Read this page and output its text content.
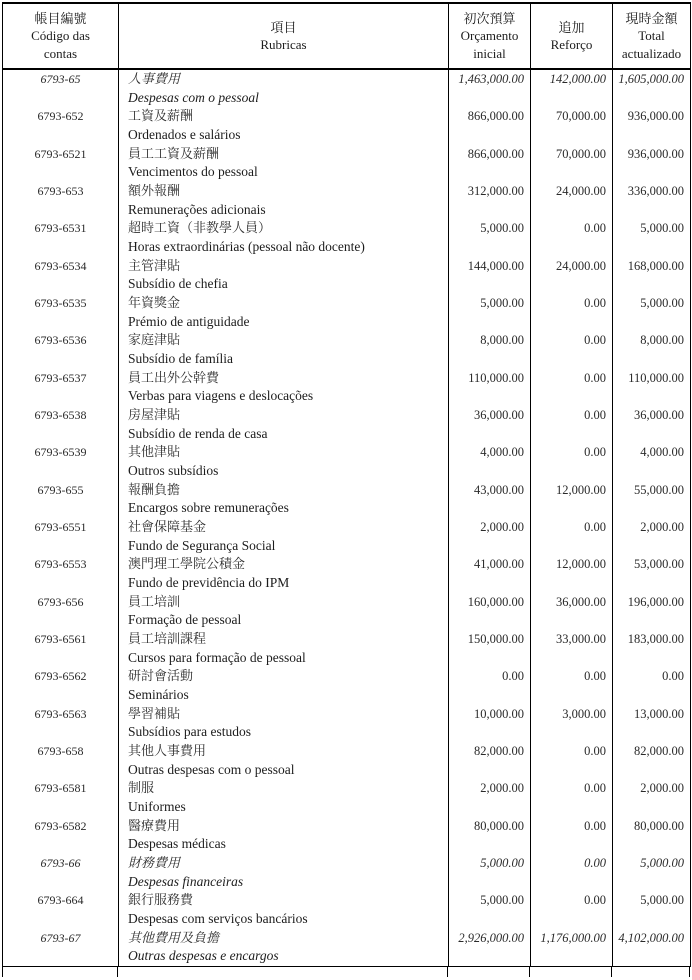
帳目編號
Código das contas

項目
Rubricas

初次預算
Orçamento inicial

追加
Reforço

現時金額
Total actualizado

6793-65	人事費用
Despesas com o pessoal	1,463,000.00	142,000.00	1,605,000.00
6793-652	工資及薪酬
Ordenados e salários	866,000.00	70,000.00	936,000.00
6793-6521	員工工資及薪酬
Vencimentos do pessoal	866,000.00	70,000.00	936,000.00
6793-653	額外報酬
Remunerações adicionais	312,000.00	24,000.00	336,000.00
6793-6531	超時工資（非教學人員）
Horas extraordinárias (pessoal não docente)	5,000.00	0.00	5,000.00
6793-6534	主管津貼
Subsídio de chefia	144,000.00	24,000.00	168,000.00
6793-6535	年資獎金
Prémio de antiguidade	5,000.00	0.00	5,000.00
6793-6536	家庭津貼
Subsídio de família	8,000.00	0.00	8,000.00
6793-6537	員工出外公幹費
Verbas para viagens e deslocações	110,000.00	0.00	110,000.00
6793-6538	房屋津貼
Subsídio de renda de casa	36,000.00	0.00	36,000.00
6793-6539	其他津貼
Outros subsídios	4,000.00	0.00	4,000.00
6793-655	報酬負擔
Encargos sobre remunerações	43,000.00	12,000.00	55,000.00
6793-6551	社會保障基金
Fundo de Segurança Social	2,000.00	0.00	2,000.00
6793-6553	澳門理工學院公積金
Fundo de previdência do IPM	41,000.00	12,000.00	53,000.00
6793-656	員工培訓
Formação de pessoal	160,000.00	36,000.00	196,000.00
6793-6561	員工培訓課程
Cursos para formação de pessoal	150,000.00	33,000.00	183,000.00
6793-6562	研討會活動
Seminários	0.00	0.00	0.00
6793-6563	學習補貼
Subsídios para estudos	10,000.00	3,000.00	13,000.00
6793-658	其他人事費用
Outras despesas com o pessoal	82,000.00	0.00	82,000.00
6793-6581	制服
Uniformes	2,000.00	0.00	2,000.00
6793-6582	醫療費用
Despesas médicas	80,000.00	0.00	80,000.00
6793-66	財務費用
Despesas financeiras	5,000.00	0.00	5,000.00
6793-664	銀行服務費
Despesas com serviços bancários	5,000.00	0.00	5,000.00
6793-67	其他費用及負擔
Outras despesas e encargos	2,926,000.00	1,176,000.00	4,102,000.00
